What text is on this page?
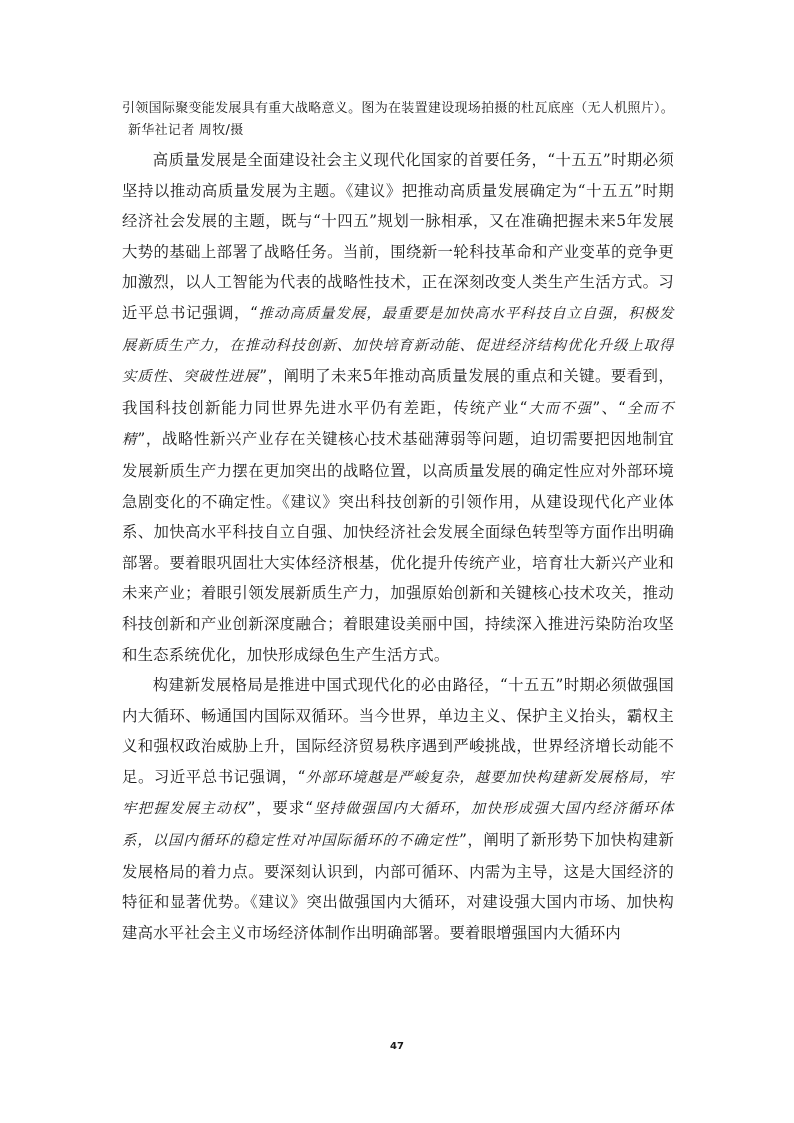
引领国际聚变能发展具有重大战略意义。图为在装置建设现场拍摄的杜瓦底座（无人机照片）。
新华社记者 周牧/摄

高质量发展是全面建设社会主义现代化国家的首要任务，“十五五”时期必须坚持以推动高质量发展为主题。《建议》把推动高质量发展确定为“十五五”时期经济社会发展的主题，既与“十四五”规划一脉相承，又在准确把握未来5年发展大势的基础上部署了战略任务。当前，围绕新一轮科技革命和产业变革的竞争更加激烈，以人工智能为代表的战略性技术，正在深刻改变人类生产生活方式。习近平总书记强调，“推动高质量发展，最重要是加快高水平科技自立自强，积极发展新质生产力，在推动科技创新、加快培育新动能、促进经济结构优化升级上取得实质性、突破性进展”，阐明了未来5年推动高质量发展的重点和关键。要看到，我国科技创新能力同世界先进水平仍有差距，传统产业“大而不强”、“全而不精”，战略性新兴产业存在关键核心技术基础薄弱等问题，迫切需要把因地制宜发展新质生产力摆在更加突出的战略位置，以高质量发展的确定性应对外部环境急剧变化的不确定性。《建议》突出科技创新的引领作用，从建设现代化产业体系、加快高水平科技自立自强、加快经济社会发展全面绿色转型等方面作出明确部署。要着眼巩固壮大实体经济根基，优化提升传统产业，培育壮大新兴产业和未来产业；着眼引领发展新质生产力，加强原始创新和关键核心技术攻关，推动科技创新和产业创新深度融合；着眼建设美丽中国，持续深入推进污染防治攻坚和生态系统优化，加快形成绿色生产生活方式。

构建新发展格局是推进中国式现代化的必由路径，“十五五”时期必须做强国内大循环、畅通国内国际双循环。当今世界，单边主义、保护主义抬头，霸权主义和强权政治威胁上升，国际经济贸易秩序遇到严峻挑战，世界经济增长动能不足。习近平总书记强调，“外部环境越是严峻复杂，越要加快构建新发展格局，牢牢把握发展主动权”，要求“坚持做强国内大循环，加快形成强大国内经济循环体系，以国内循环的稳定性对冲国际循环的不确定性”，阐明了新形势下加快构建新发展格局的着力点。要深刻认识到，内部可循环、内需为主导，这是大国经济的特征和显著优势。《建议》突出做强国内大循环，对建设强大国内市场、加快构建高水平社会主义市场经济体制作出明确部署。要着眼增强国内大循环内

47
